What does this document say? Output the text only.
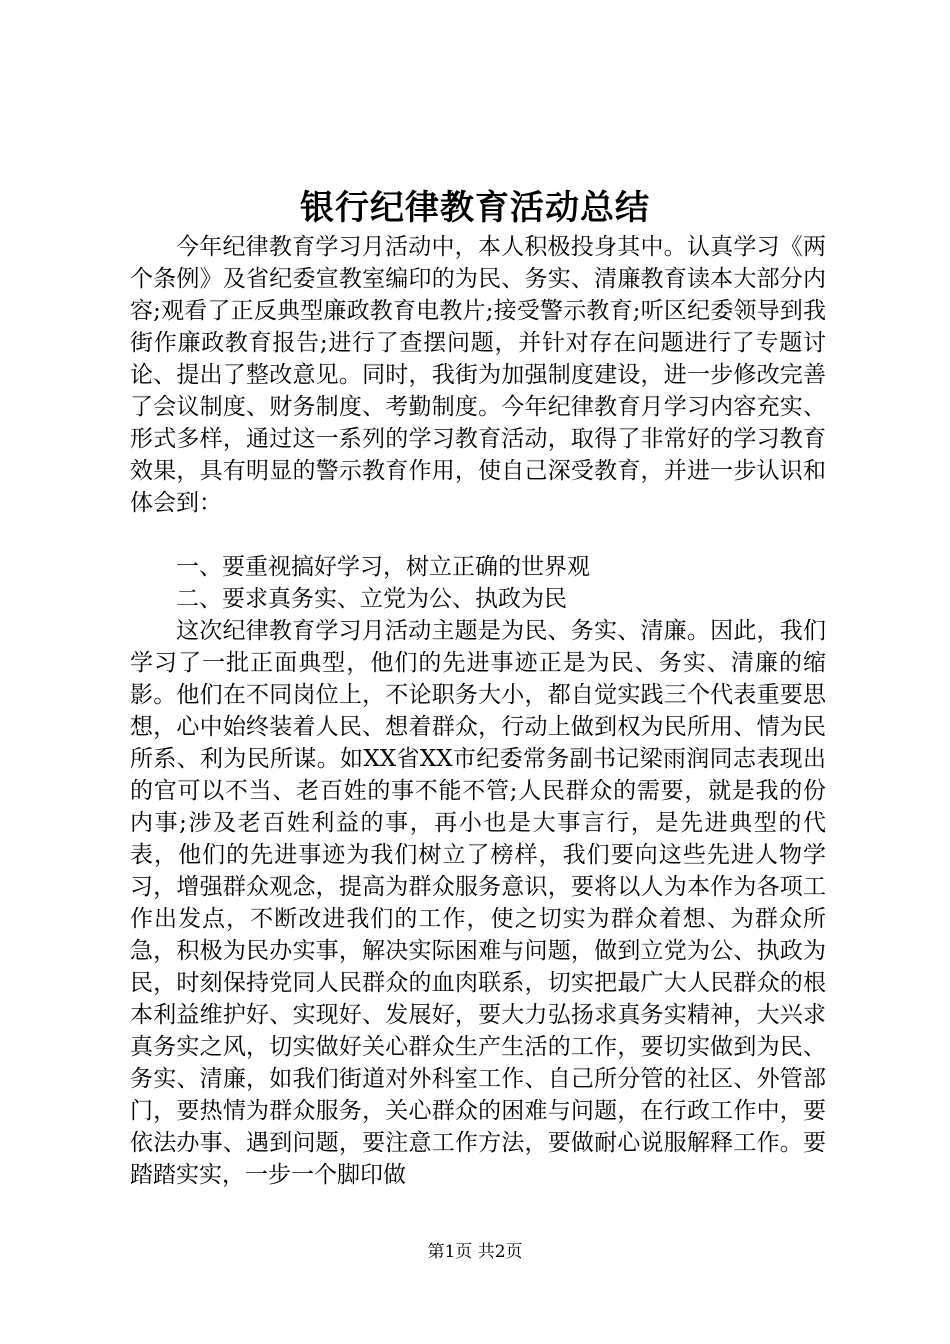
银行纪律教育活动总结

今年纪律教育学习月活动中，本人积极投身其中。认真学习《两个条例》及省纪委宣教室编印的为民、务实、清廉教育读本大部分内容;观看了正反典型廉政教育电教片;接受警示教育;听区纪委领导到我街作廉政教育报告;进行了查摆问题，并针对存在问题进行了专题讨论、提出了整改意见。同时，我街为加强制度建设，进一步修改完善了会议制度、财务制度、考勤制度。今年纪律教育月学习内容充实、形式多样，通过这一系列的学习教育活动，取得了非常好的学习教育效果，具有明显的警示教育作用，使自己深受教育，并进一步认识和体会到：

一、要重视搞好学习，树立正确的世界观

二、要求真务实、立党为公、执政为民

这次纪律教育学习月活动主题是为民、务实、清廉。因此，我们学习了一批正面典型，他们的先进事迹正是为民、务实、清廉的缩影。他们在不同岗位上，不论职务大小，都自觉实践三个代表重要思想，心中始终装着人民、想着群众，行动上做到权为民所用、情为民所系、利为民所谋。如XX省XX市纪委常务副书记梁雨润同志表现出的官可以不当、老百姓的事不能不管;人民群众的需要，就是我的份内事;涉及老百姓利益的事，再小也是大事言行，是先进典型的代表，他们的先进事迹为我们树立了榜样，我们要向这些先进人物学习，增强群众观念，提高为群众服务意识，要将以人为本作为各项工作出发点，不断改进我们的工作，使之切实为群众着想、为群众所急，积极为民办实事，解决实际困难与问题，做到立党为公、执政为民，时刻保持党同人民群众的血肉联系，切实把最广大人民群众的根本利益维护好、实现好、发展好，要大力弘扬求真务实精神，大兴求真务实之风，切实做好关心群众生产生活的工作，要切实做到为民、务实、清廉，如我们街道对外科室工作、自己所分管的社区、外管部门，要热情为群众服务，关心群众的困难与问题，在行政工作中，要依法办事、遇到问题，要注意工作方法，要做耐心说服解释工作。要踏踏实实，一步一个脚印做

第1页 共2页
